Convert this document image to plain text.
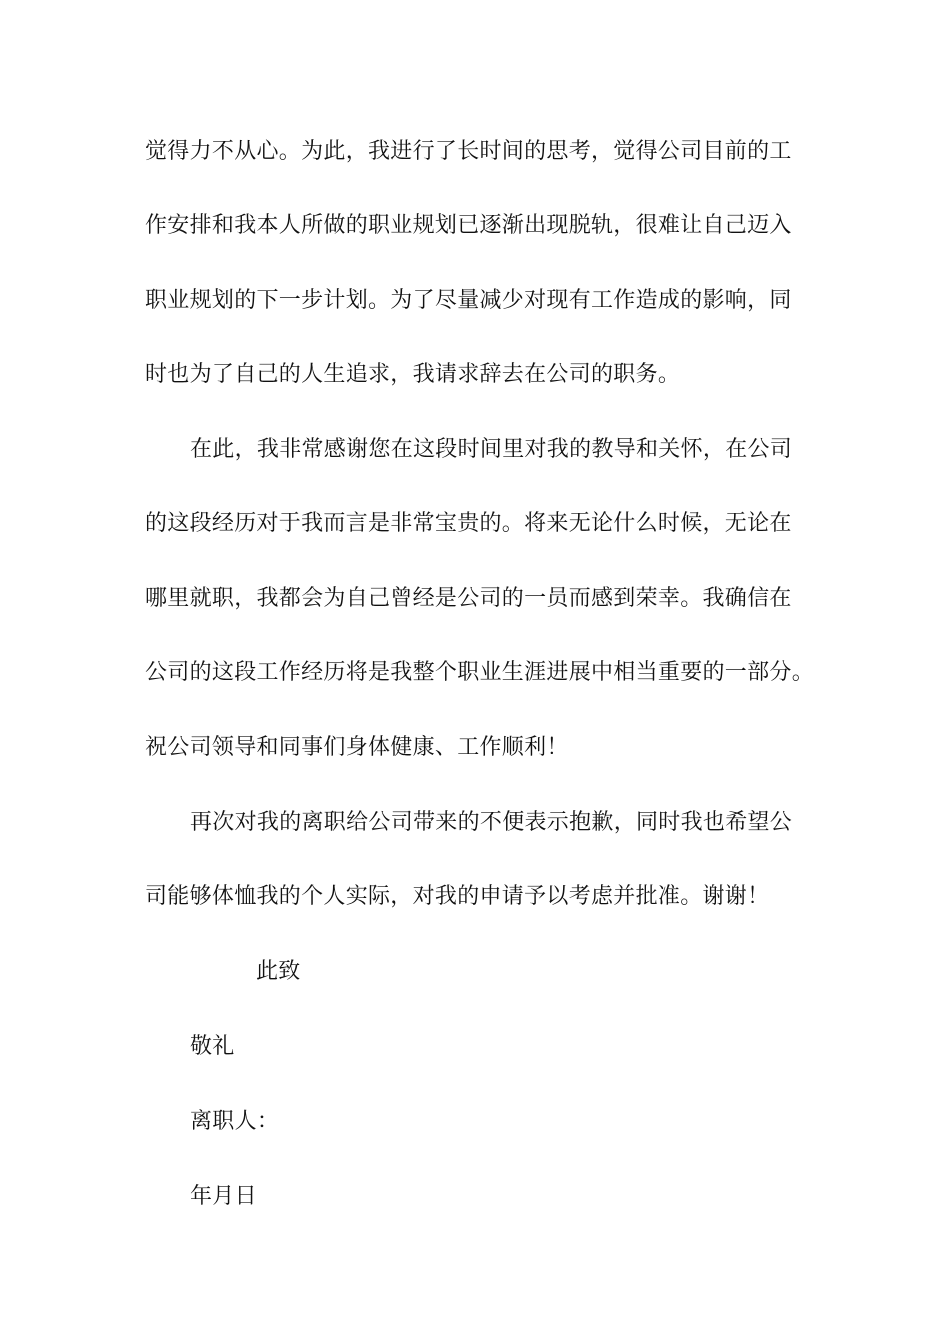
觉得力不从心。为此，我进行了长时间的思考，觉得公司目前的工
作安排和我本人所做的职业规划已逐渐出现脱轨，很难让自己迈入
职业规划的下一步计划。为了尽量减少对现有工作造成的影响，同
时也为了自己的人生追求，我请求辞去在公司的职务。
在此，我非常感谢您在这段时间里对我的教导和关怀，在公司
的这段经历对于我而言是非常宝贵的。将来无论什么时候，无论在
哪里就职，我都会为自己曾经是公司的一员而感到荣幸。我确信在
公司的这段工作经历将是我整个职业生涯进展中相当重要的一部分。
祝公司领导和同事们身体健康、工作顺利！
再次对我的离职给公司带来的不便表示抱歉，同时我也希望公
司能够体恤我的个人实际，对我的申请予以考虑并批准。谢谢！
此致
敬礼
离职人：
年月日
